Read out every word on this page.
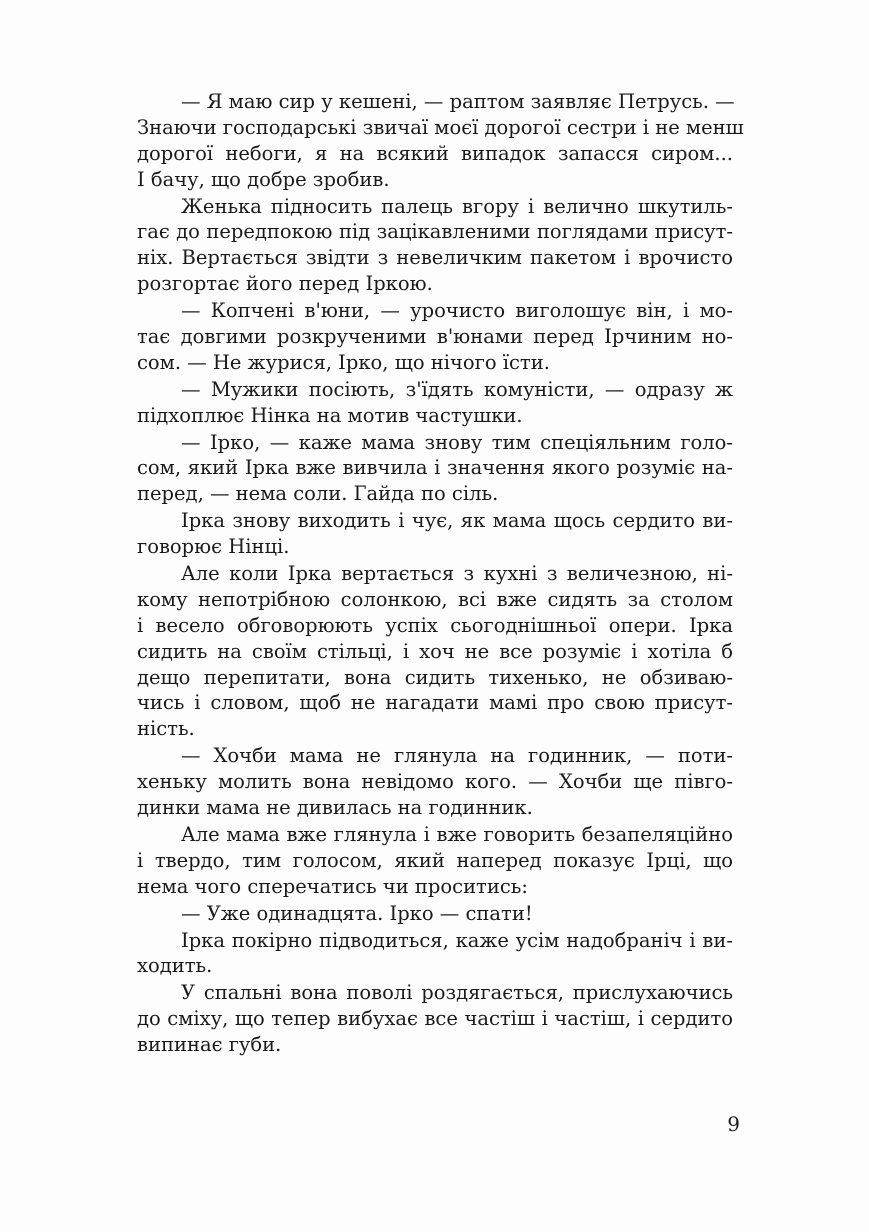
— Я маю сир у кешені, — раптом заявляє Петрусь. —
Знаючи господарські звичаї моєї дорогої сестри і не менш
дорогої небоги, я на всякий випадок запасся сиром...
І бачу, що добре зробив.
Женька підносить палець вгору і велично шкутиль-
гає до передпокою під зацікавленими поглядами присут-
ніх. Вертається звідти з невеличким пакетом і врочисто
розгортає його перед Іркою.
— Копчені в'юни, — урочисто виголошує він, і мо-
тає довгими розкрученими в'юнами перед Ірчиним но-
сом. — Не журися, Ірко, що нічого їсти.
— Мужики посіють, з'їдять комуністи, — одразу ж
підхоплює Нінка на мотив частушки.
— Ірко, — каже мама знову тим спеціяльним голо-
сом, який Ірка вже вивчила і значення якого розуміє на-
перед, — нема соли. Гайда по сіль.
Ірка знову виходить і чує, як мама щось сердито ви-
говорює Нінці.
Але коли Ірка вертається з кухні з величезною, ні-
кому непотрібною солонкою, всі вже сидять за столом
і весело обговорюють успіх сьогоднішньої опери. Ірка
сидить на своїм стільці, і хоч не все розуміє і хотіла б
дещо перепитати, вона сидить тихенько, не обзиваю-
чись і словом, щоб не нагадати мамі про свою присут-
ність.
— Хочби мама не глянула на годинник, — поти-
хеньку молить вона невідомо кого. — Хочби ще півго-
динки мама не дивилась на годинник.
Але мама вже глянула і вже говорить безапеляційно
і твердо, тим голосом, який наперед показує Ірці, що
нема чого сперечатись чи проситись:
— Уже одинадцята. Ірко — спати!
Ірка покірно підводиться, каже усім надобраніч і ви-
ходить.
У спальні вона поволі роздягається, прислухаючись
до сміху, що тепер вибухає все частіш і частіш, і сердито
випинає губи.
9
